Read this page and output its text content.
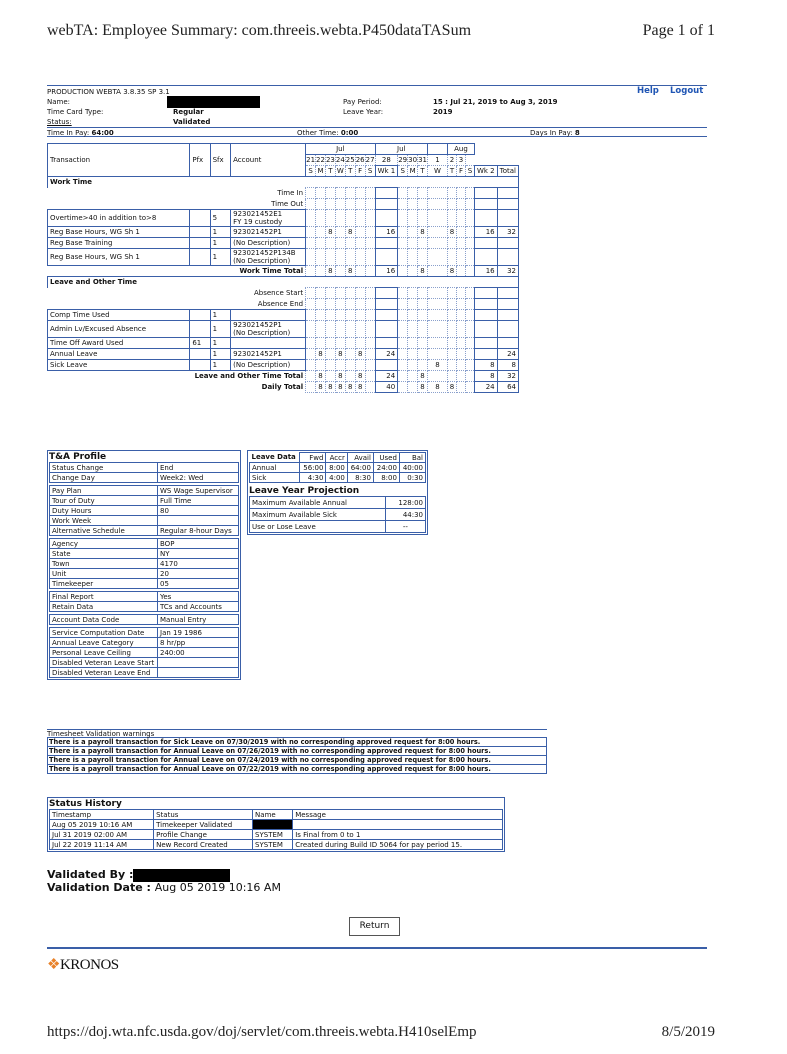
webTA: Employee Summary: com.threeis.webta.P450dataTASum	Page 1 of 1
PRODUCTION WEBTA 3.8.35 SP 3.1	Help Logout
Name:	Pay Period:	15 : Jul 21, 2019 to Aug 3, 2019
Time Card Type:	Regular	Leave Year:	2019
Status:	Validated
Time In Pay: 64:00	Other Time: 0:00	Days In Pay: 8
Transaction	Pfx	Sfx	Account	Jul							Jul					Aug				
				21	22	23	24	25	26	27	28	29	30	31	1	2	3			
				S	M	T	W	T	F	S	Wk 1	S	M	T	W	T	F	S	Wk 2	Total
Work Time																				
Time In																				
Time Out																				
Overtime>40 in addition to>8		5	923021452E1
FY 19 custody																	
Reg Base Hours, WG Sh 1		1	923021452P1			8		8			16			8		8			16	32
Reg Base Training		1	(No Description)																	
Reg Base Hours, WG Sh 1		1	923021452P134B
(No Description)																	
Work Time Total						8		8			16			8		8			16	32
Leave and Other Time																				
Absence Start																				
Absence End																				
Comp Time Used		1																		
Admin Lv/Excused Absence		1	923021452P1
(No Description)																	
Time Off Award Used	61	1																		
Annual Leave		1	923021452P1		8		8		8		24									24
Sick Leave		1	(No Description)												8				8	8
Leave and Other Time Total					8		8		8		24			8					8	32
Daily Total					8	8	8	8	8		40			8	8	8			24	64
T&A Profile
Status Change	End
Change Day	Week2: Wed

Pay Plan	WS Wage Supervisor
Tour of Duty	Full Time
Duty Hours	80
Work Week	
Alternative Schedule	Regular 8-hour Days

Agency	BOP
State	NY
Town	4170
Unit	20
Timekeeper	05

Final Report	Yes
Retain Data	TCs and Accounts

Account Data Code	Manual Entry

Service Computation Date	Jan 19 1986
Annual Leave Category	8 hr/pp
Personal Leave Ceiling	240:00
Disabled Veteran Leave Start	
Disabled Veteran Leave End	
Leave Data	Fwd	Accr	Avail	Used	Bal
Annual	56:00	8:00	64:00	24:00	40:00
Sick	4:30	4:00	8:30	8:00	0:30
Leave Year Projection
Maximum Available Annual	128:00
Maximum Available Sick	44:30
Use or Lose Leave	--
Timesheet Validation warnings
There is a payroll transaction for Sick Leave on 07/30/2019 with no corresponding approved request for 8:00 hours.
There is a payroll transaction for Annual Leave on 07/26/2019 with no corresponding approved request for 8:00 hours.
There is a payroll transaction for Annual Leave on 07/24/2019 with no corresponding approved request for 8:00 hours.
There is a payroll transaction for Annual Leave on 07/22/2019 with no corresponding approved request for 8:00 hours.
Status History
Timestamp	Status	Name	Message
Aug 05 2019 10:16 AM	Timekeeper Validated		
Jul 31 2019 02:00 AM	Profile Change	SYSTEM	Is Final from 0 to 1
Jul 22 2019 11:14 AM	New Record Created	SYSTEM	Created during Build ID 5064 for pay period 15.
Validated By :
Validation Date : Aug 05 2019 10:16 AM
Return
❖KRONOS
https://doj.wta.nfc.usda.gov/doj/servlet/com.threeis.webta.H410selEmp	8/5/2019
